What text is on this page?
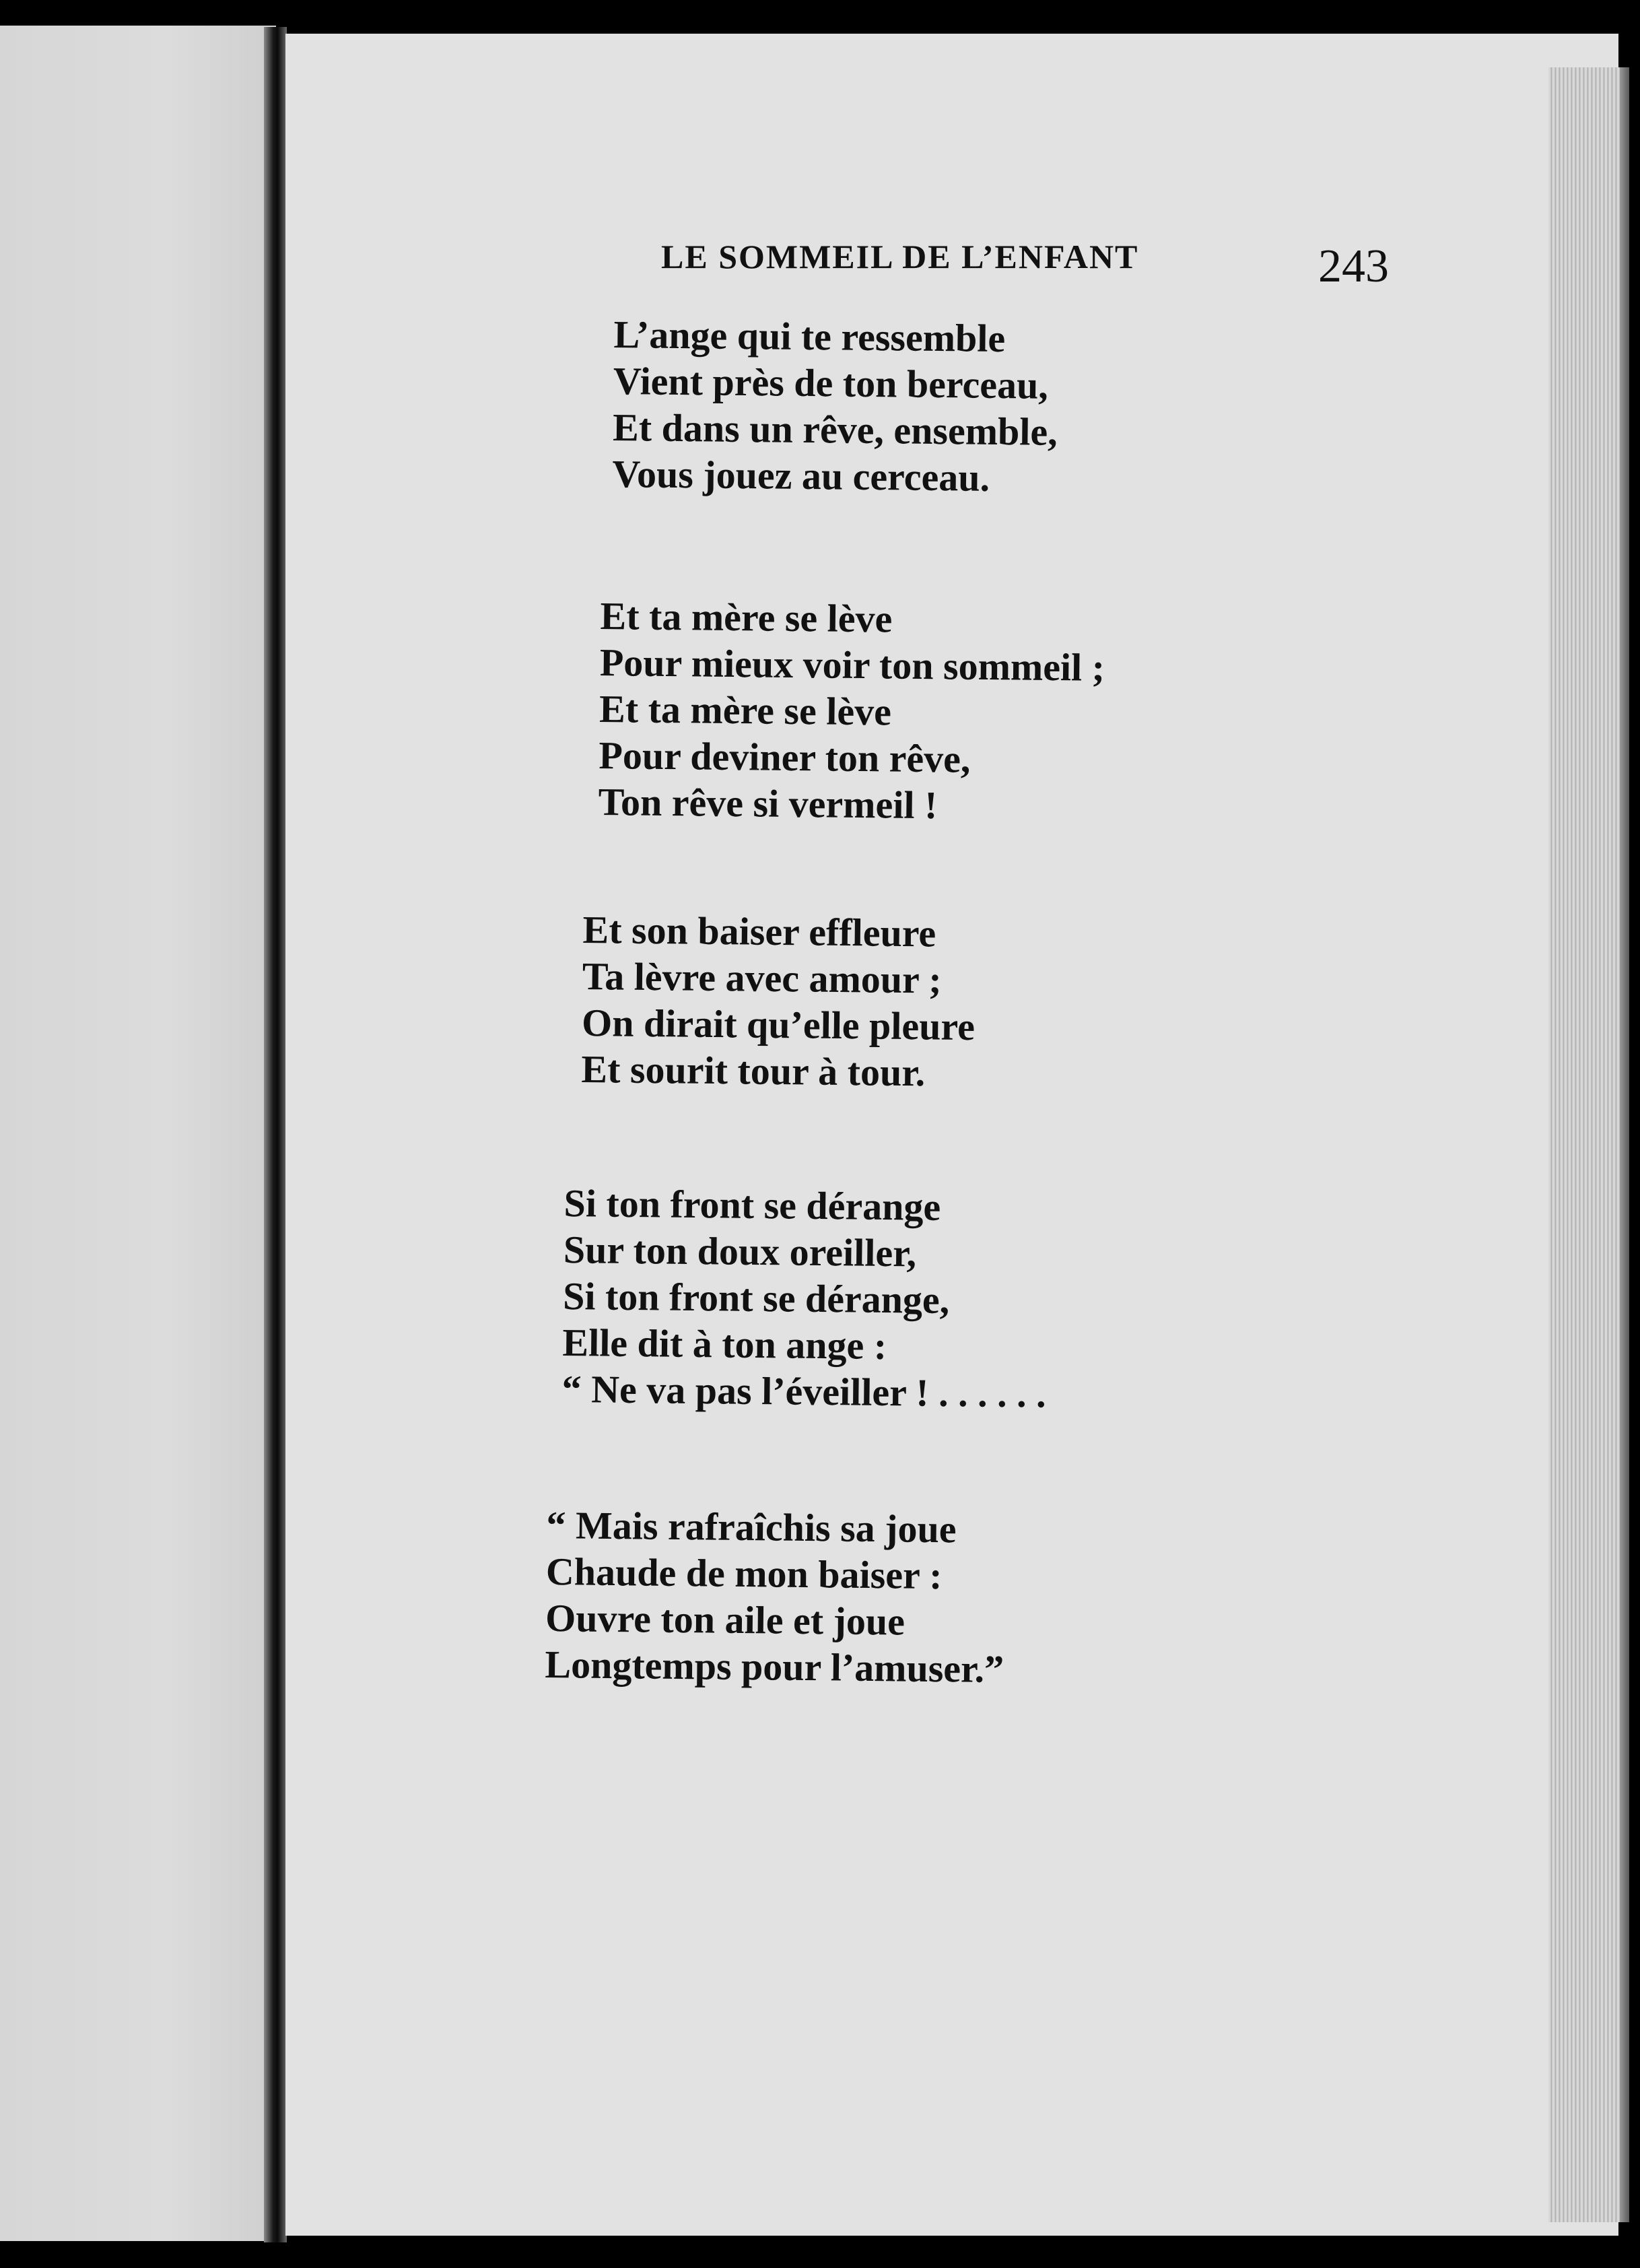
LE SOMMEIL DE L’ENFANT	243
L’ange qui te ressemble
Vient près de ton berceau,
Et dans un rêve, ensemble,
Vous jouez au cerceau.
Et ta mère se lève
Pour mieux voir ton sommeil ;
Et ta mère se lève
Pour deviner ton rêve,
Ton rêve si vermeil !
Et son baiser effleure
Ta lèvre avec amour ;
On dirait qu’elle pleure
Et sourit tour à tour.
Si ton front se dérange
Sur ton doux oreiller,
Si ton front se dérange,
Elle dit à ton ange :
“ Ne va pas l’éveiller ! . . . . . .
“ Mais rafraîchis sa joue
Chaude de mon baiser :
Ouvre ton aile et joue
Longtemps pour l’amuser.”
